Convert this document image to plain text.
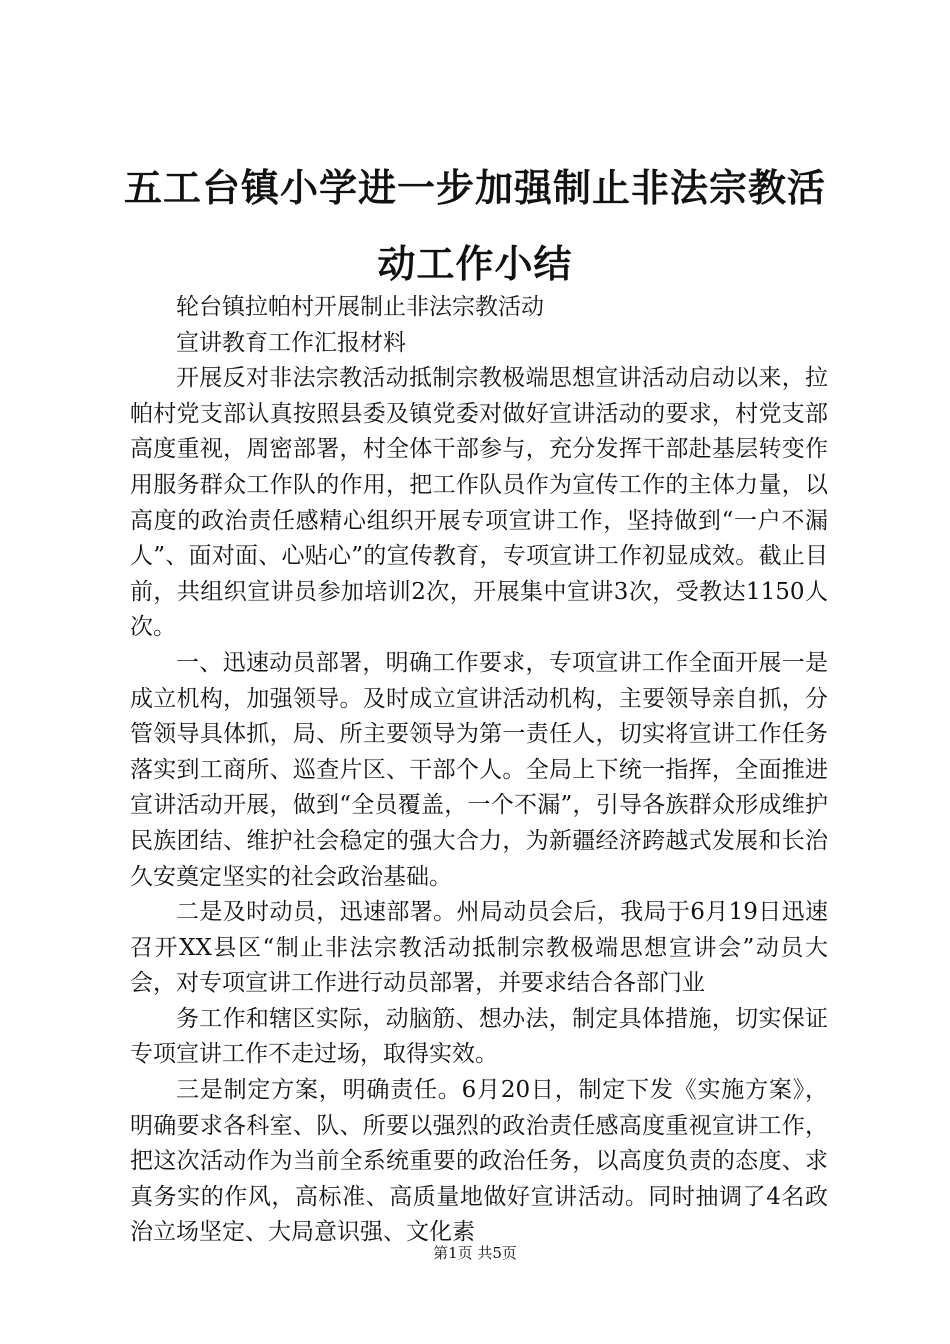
五工台镇小学进一步加强制止非法宗教活动工作小结

轮台镇拉帕村开展制止非法宗教活动

宣讲教育工作汇报材料

开展反对非法宗教活动抵制宗教极端思想宣讲活动启动以来，拉帕村党支部认真按照县委及镇党委对做好宣讲活动的要求，村党支部高度重视，周密部署，村全体干部参与，充分发挥干部赴基层转变作用服务群众工作队的作用，把工作队员作为宣传工作的主体力量，以高度的政治责任感精心组织开展专项宣讲工作，坚持做到“一户不漏人”、面对面、心贴心”的宣传教育，专项宣讲工作初显成效。截止目前，共组织宣讲员参加培训2次，开展集中宣讲3次，受教达1150人次。

一、迅速动员部署，明确工作要求，专项宣讲工作全面开展一是成立机构，加强领导。及时成立宣讲活动机构，主要领导亲自抓，分管领导具体抓，局、所主要领导为第一责任人，切实将宣讲工作任务落实到工商所、巡查片区、干部个人。全局上下统一指挥，全面推进宣讲活动开展，做到“全员覆盖，一个不漏”，引导各族群众形成维护民族团结、维护社会稳定的强大合力，为新疆经济跨越式发展和长治久安奠定坚实的社会政治基础。

二是及时动员，迅速部署。州局动员会后，我局于6月19日迅速召开XX县区“制止非法宗教活动抵制宗教极端思想宣讲会”动员大会，对专项宣讲工作进行动员部署，并要求结合各部门业

务工作和辖区实际，动脑筋、想办法，制定具体措施，切实保证专项宣讲工作不走过场，取得实效。

三是制定方案，明确责任。6月20日，制定下发《实施方案》，明确要求各科室、队、所要以强烈的政治责任感高度重视宣讲工作，把这次活动作为当前全系统重要的政治任务，以高度负责的态度、求真务实的作风，高标准、高质量地做好宣讲活动。同时抽调了4名政治立场坚定、大局意识强、文化素

第1页 共5页
